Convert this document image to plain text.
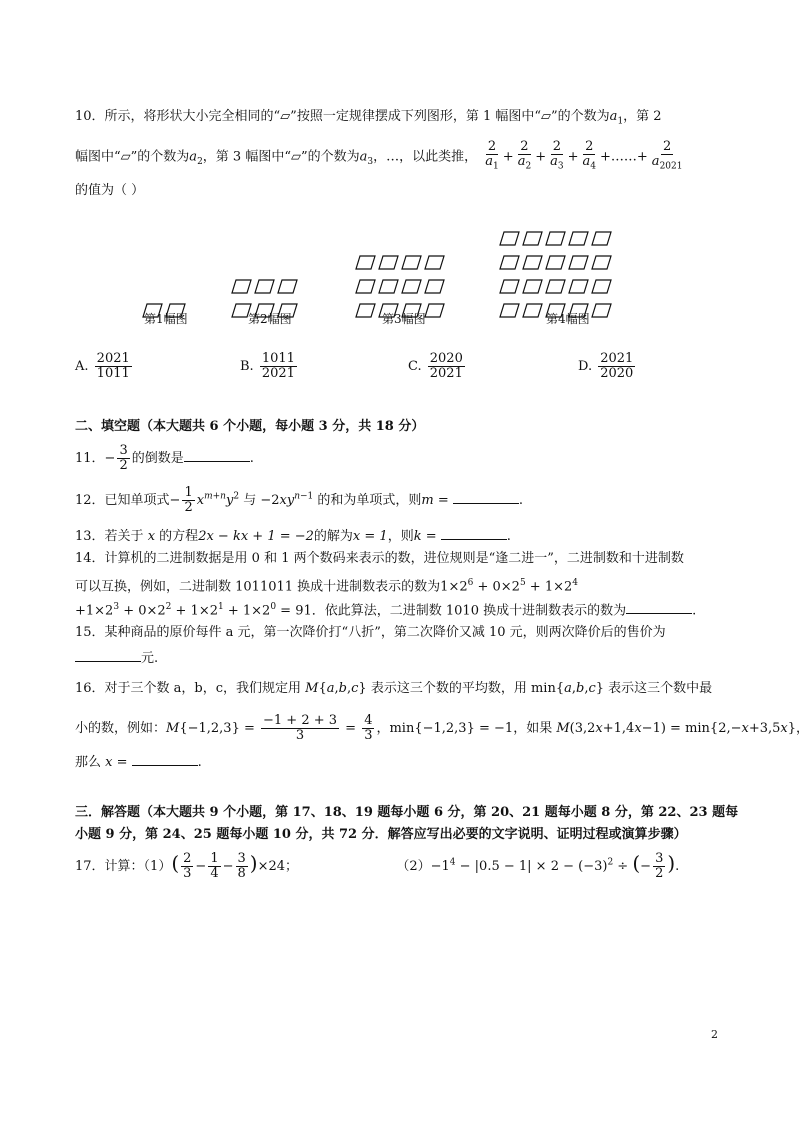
10．所示，将形状大小完全相同的“▱”按照一定规律摆成下列图形，第 1 幅图中“▱”的个数为$a_1$，第 2
幅图中“▱”的个数为$a_2$，第 3 幅图中“▱”的个数为$a_3$，…，以此类推， $\frac{2}{a_1} + \frac{2}{a_2} + \frac{2}{a_3} + \frac{2}{a_4}$ +……+ $\frac{2}{a_{2021}}$
的值为（ ）
第1幅图	第2幅图	第3幅图	第4幅图
A. $\frac{2021}{1011}$	B. $\frac{1011}{2021}$	C. $\frac{2020}{2021}$	D. $\frac{2021}{2020}$
二、填空题（本大题共 6 个小题，每小题 3 分，共 18 分）
11．− $\frac{3}{2}$ 的倒数是	.
12．已知单项式− $\frac{1}{2} x^{m+n}y^2$ 与 $-2xy^{n-1}$ 的和为单项式，则m =	.
13．若关于 x 的方程2x − kx + 1 = −2的解为x = 1，则k =	.
14．计算机的二进制数据是用 0 和 1 两个数码来表示的数，进位规则是“逢二进一”，二进制数和十进制数
可以互换，例如，二进制数 1011011 换成十进制数表示的数为$1\times 2^6 + 0\times 2^5 + 1\times 2^4$
$+1\times 2^3 + 0\times 2^2 + 1\times 2^1 + 1\times 2^0 = 91$．依此算法，二进制数 1010 换成十进制数表示的数为	.
15．某种商品的原价每件 a 元，第一次降价打“八折”，第二次降价又减 10 元，则两次降价后的售价为
元.
16．对于三个数 a，b，c，我们规定用 M{a,b,c} 表示这三个数的平均数，用 min{a,b,c} 表示这三个数中最
小的数，例如：$M\{-1,2,3\} = \frac{-1 + 2 + 3}{3} = \frac{4}{3}$ ，min{−1,2,3} = −1，如果 M(3,2x+1,4x−1) = min{2,−x+3,5x}，
那么 x =	.
三．解答题（本大题共 9 个小题，第 17、18、19 题每小题 6 分，第 20、21 题每小题 8 分，第 22、23 题每
小题 9 分，第 24、25 题每小题 10 分，共 72 分．解答应写出必要的文字说明、证明过程或演算步骤）
17．计算：$(1)( \frac{2}{3} - \frac{1}{4} - \frac{3}{8} )\times 24$；	$(2)-1^4 - |0.5 - 1| \times 2 - (-3)^2$ ÷ (− $\frac{3}{2}$ ).
2
